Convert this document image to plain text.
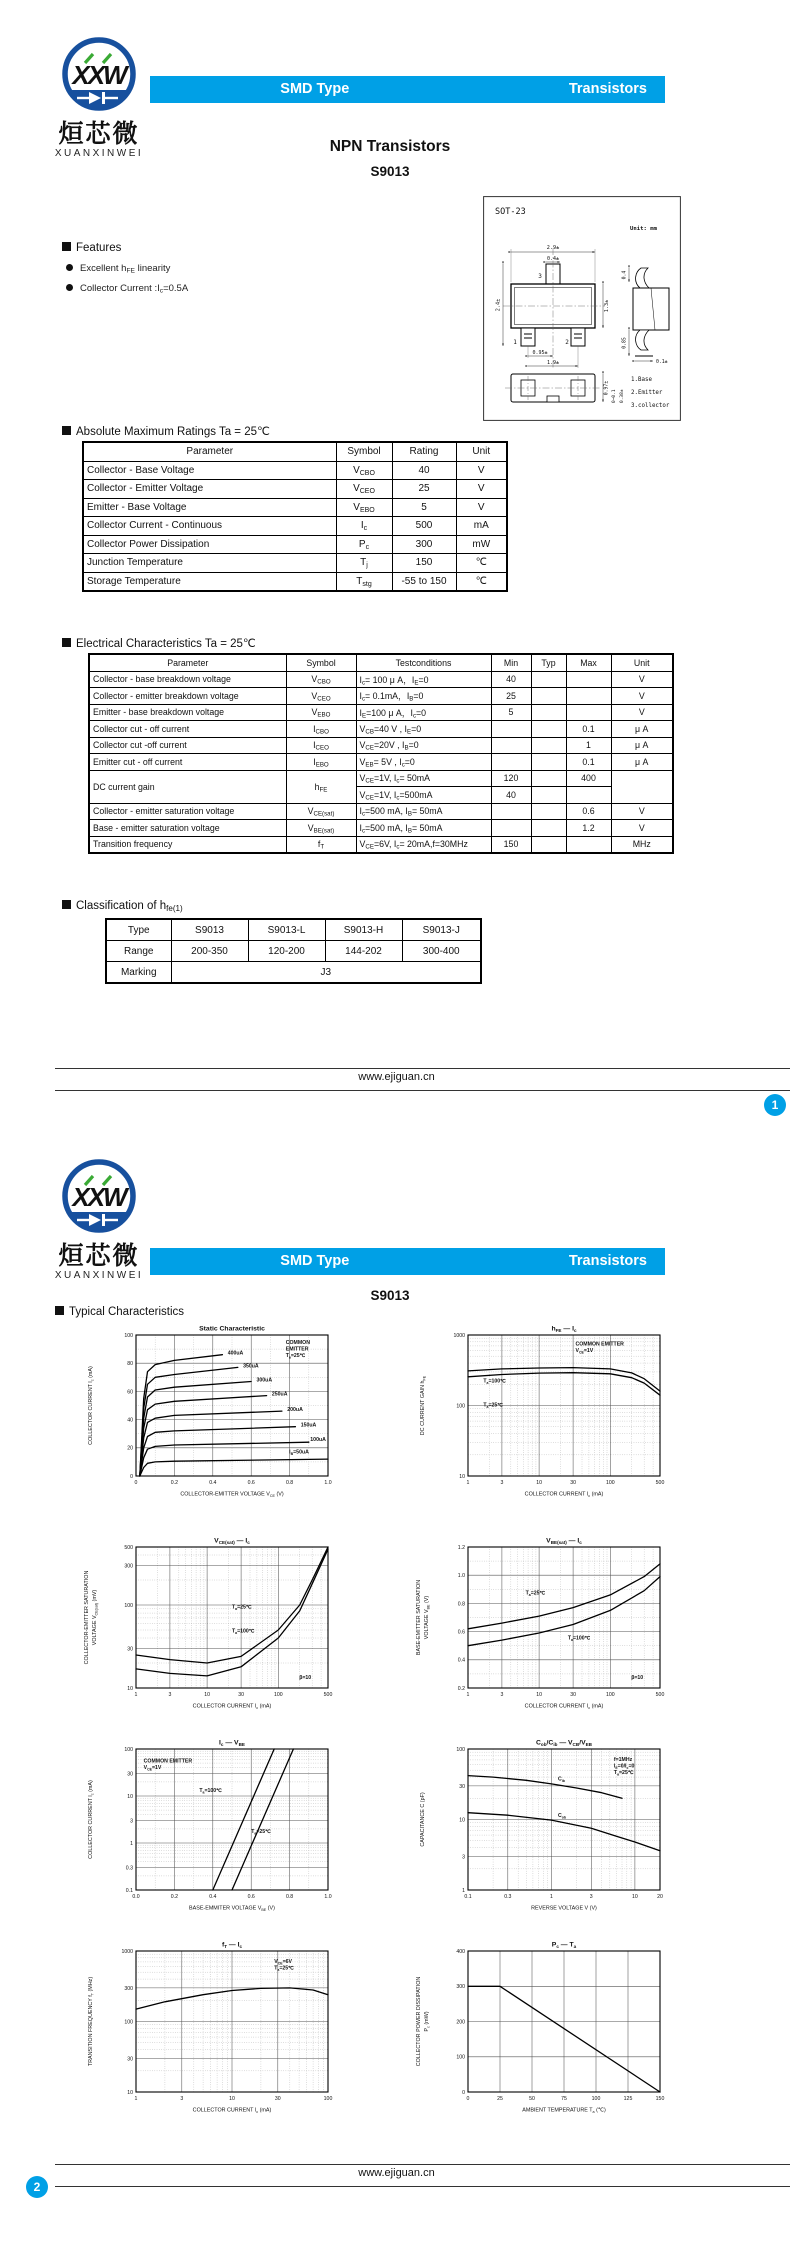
XXW
烜芯微
XUANXINWEI
SMD Type	Transistors
NPN Transistors
S9013
Features
Excellent $h_{FE}$ linearity
Collector Current $:I_c=0.5A$
SOT-23
Unit: mm
2.9±
0.4±
3
1	2
2.4±	1.3±
0.95±
1.9±
0.4
0.85
0.1±
0.97±
0~0.1 0.38±
1.Base
2.Emitter
3.collector
Absolute Maximum Ratings Ta = 25℃
Parameter	Symbol	Rating	Unit
Collector - Base Voltage	$V_{CBO}$	40	V
Collector - Emitter Voltage	$V_{CEO}$	25	V
Emitter - Base Voltage	$V_{EBO}$	5	V
Collector Current - Continuous	$I_c$	500	mA
Collector Power Dissipation	$P_c$	300	mW
Junction Temperature	$T_j$	150	℃
Storage Temperature	$T_{stg}$	-55 to 150	℃
Electrical Characteristics Ta = 25℃
Parameter	Symbol	Testconditions	Min	Typ	Max	Unit
Collector - base breakdown voltage	$V_{CBO}$	$I_c= 100$ μ A，$I_E=0$	40			V
Collector - emitter breakdown voltage	$V_{CEO}$	$I_c= 0.1mA$，$I_B=0$	25			V
Emitter - base breakdown voltage	$V_{EBO}$	$I_E=100$ μ A，$I_c=0$	5			V
Collector cut - off current	$I_{CBO}$	$V_{CB}=40$ V , $I_E=0$			0.1	μ A
Collector cut -off current	$I_{CEO}$	$V_{CE}=20V$ , $I_B=0$			1	μ A
Emitter cut - off current	$I_{EBO}$	$V_{EB}= 5V$ , $I_c=0$			0.1	μ A
DC current gain	$h_{FE}$	$V_{CE}=1V$, $I_c= 50mA$	120		400	
		$V_{CE}=1V$, $I_c=500mA$	40			
Collector - emitter saturation voltage	$V_{CE(sat)}$	$I_c=500$ mA, $I_B= 50mA$			0.6	V
Base - emitter saturation voltage	$V_{BE(sat)}$	$I_c=500$ mA, $I_B= 50mA$			1.2	V
Transition frequency	$f_T$	$V_{CE}=6V$, $I_c= 20mA,f=30MHz$	150			MHz
Classification of $h_{fe(1)}$
Type	S9013	S9013-L	S9013-H	S9013-J
Range	200-350	120-200	144-202	300-400
Marking	J3			
www.ejiguan.cn
1
XXW
烜芯微
XUANXINWEI
SMD Type	Transistors
S9013
Typical Characteristics
400uA
350uA
300uA
250uA
200uA
150uA
100uA
$I_B=50uA$
0	0.2	0.4	0.6	0.8	1.0
0
20
40
60
80
100
Static Characteristic
COLLECTOR-EMITTER VOLTAGE $V_{CE}$ (V)
COLLECTOR CURRENT $I_c$ (mA)
COMMON
EMITTER
$T_a=25℃$
1	3	10	30	100	500
10
100
1000
$h_{FE}$ — $I_c$
COLLECTOR CURRENT $I_c$ (mA)
DC CURRENT GAIN $h_{FE}$
COMMON EMITTER
$V_{CE}=1V$
$T_a=100℃$
$T_a=25℃$
1	3	10	30	100	500
10
30
100
300
500
$V_{CE(sat)}$ — $I_c$
COLLECTOR CURRENT $I_c$ (mA)
COLLECTOR-EMITTER SATURATION VOLTAGE $V_{CE(sat)}$ (mV)
$T_a=25℃$
$T_a=100℃$
β=10
1	3	10	30	100	500
0.2
0.4
0.6
0.8
1.0
1.2
$V_{BE(sat)}$ — $I_c$
COLLECTOR CURRENT $I_c$ (mA)
BASE-EMITTER SATURATION VOLTAGE $V_{BE}$ (V)
$T_a=25℃$
$T_a=100℃$
β=10
0.0	0.2	0.4	0.6	0.8	1.0
0.1
0.3
1
3
10
30
100
$I_c$ — $V_{BE}$
BASE-EMMITER VOLTAGE $V_{BE}$ (V)
COLLECTOR CURRENT $I_c$ (mA)
COMMON EMITTER
$V_{CE}=1V$
$T_a=100℃$
$T_a=25℃$
$C_{ib}$
$C_{ob}$
0.1	0.3	1	3	10	20
1
3
10
30
100
$C_{ob}/C_{ib}$ — $V_{CB}/V_{EB}$
REVERSE VOLTAGE V (V)
CAPACITANCE C (pF)
f=1MHz
$I_E=0/I_c=0$
$T_a=25℃$
1	3	10	30	100
10
30
100
300
1000
$f_T$ — $I_c$
COLLECTOR CURRENT $I_c$ (mA)
TRANSITION FREQUENCY $f_T$ (MHz)
$V_{CE}=6V$
$T_a=25℃$
0	25	50	75	100	125	150
0
100
200
300
400
$P_c$ — $T_a$
AMBIENT TEMPERATURE $T_a$ (℃)
COLLECTOR POWER DISSIPATION $P_c$ (mW)
www.ejiguan.cn
2
